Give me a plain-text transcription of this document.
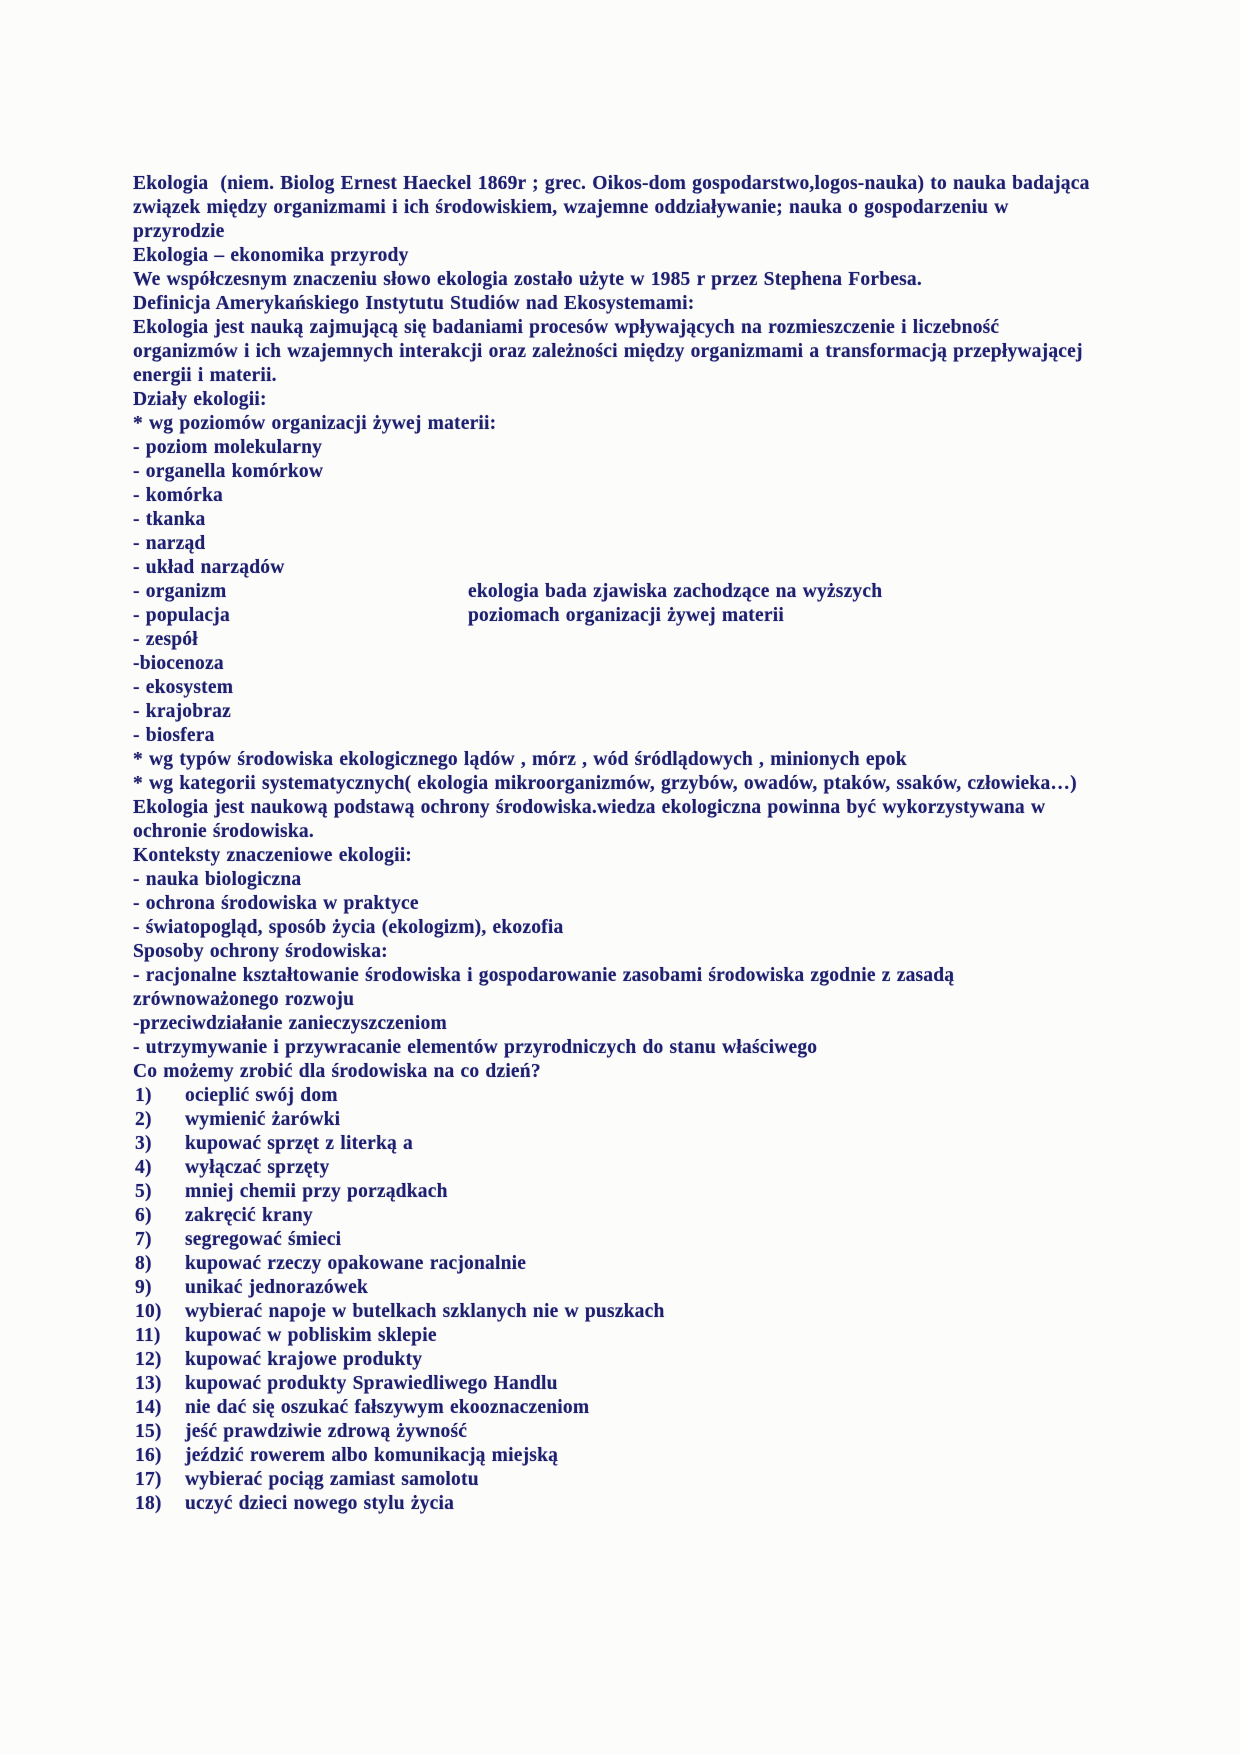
Ekologia  (niem. Biolog Ernest Haeckel 1869r ; grec. Oikos-dom gospodarstwo,logos-nauka) to nauka badająca
związek między organizmami i ich środowiskiem, wzajemne oddziaływanie; nauka o gospodarzeniu w
przyrodzie
Ekologia – ekonomika przyrody
We współczesnym znaczeniu słowo ekologia zostało użyte w 1985 r przez Stephena Forbesa.
Definicja Amerykańskiego Instytutu Studiów nad Ekosystemami:
Ekologia jest nauką zajmującą się badaniami procesów wpływających na rozmieszczenie i liczebność
organizmów i ich wzajemnych interakcji oraz zależności między organizmami a transformacją przepływającej
energii i materii.
Działy ekologii:
* wg poziomów organizacji żywej materii:
- poziom molekularny
- organella komórkow
- komórka
- tkanka
- narząd
- układ narządów
- organizm	ekologia bada zjawiska zachodzące na wyższych
- populacja	poziomach organizacji żywej materii
- zespół
-biocenoza
- ekosystem
- krajobraz
- biosfera
* wg typów środowiska ekologicznego lądów , mórz , wód śródlądowych , minionych epok
* wg kategorii systematycznych( ekologia mikroorganizmów, grzybów, owadów, ptaków, ssaków, człowieka…)
Ekologia jest naukową podstawą ochrony środowiska.wiedza ekologiczna powinna być wykorzystywana w
ochronie środowiska.
Konteksty znaczeniowe ekologii:
- nauka biologiczna
- ochrona środowiska w praktyce
- światopogląd, sposób życia (ekologizm), ekozofia
Sposoby ochrony środowiska:
- racjonalne kształtowanie środowiska i gospodarowanie zasobami środowiska zgodnie z zasadą
zrównoważonego rozwoju
-przeciwdziałanie zanieczyszczeniom
- utrzymywanie i przywracanie elementów przyrodniczych do stanu właściwego
Co możemy zrobić dla środowiska na co dzień?
1) ocieplić swój dom
2) wymienić żarówki
3) kupować sprzęt z literką a
4) wyłączać sprzęty
5) mniej chemii przy porządkach
6) zakręcić krany
7) segregować śmieci
8) kupować rzeczy opakowane racjonalnie
9) unikać jednorazówek
10) wybierać napoje w butelkach szklanych nie w puszkach
11) kupować w pobliskim sklepie
12) kupować krajowe produkty
13) kupować produkty Sprawiedliwego Handlu
14) nie dać się oszukać fałszywym ekooznaczeniom
15) jeść prawdziwie zdrową żywność
16) jeździć rowerem albo komunikacją miejską
17) wybierać pociąg zamiast samolotu
18) uczyć dzieci nowego stylu życia
